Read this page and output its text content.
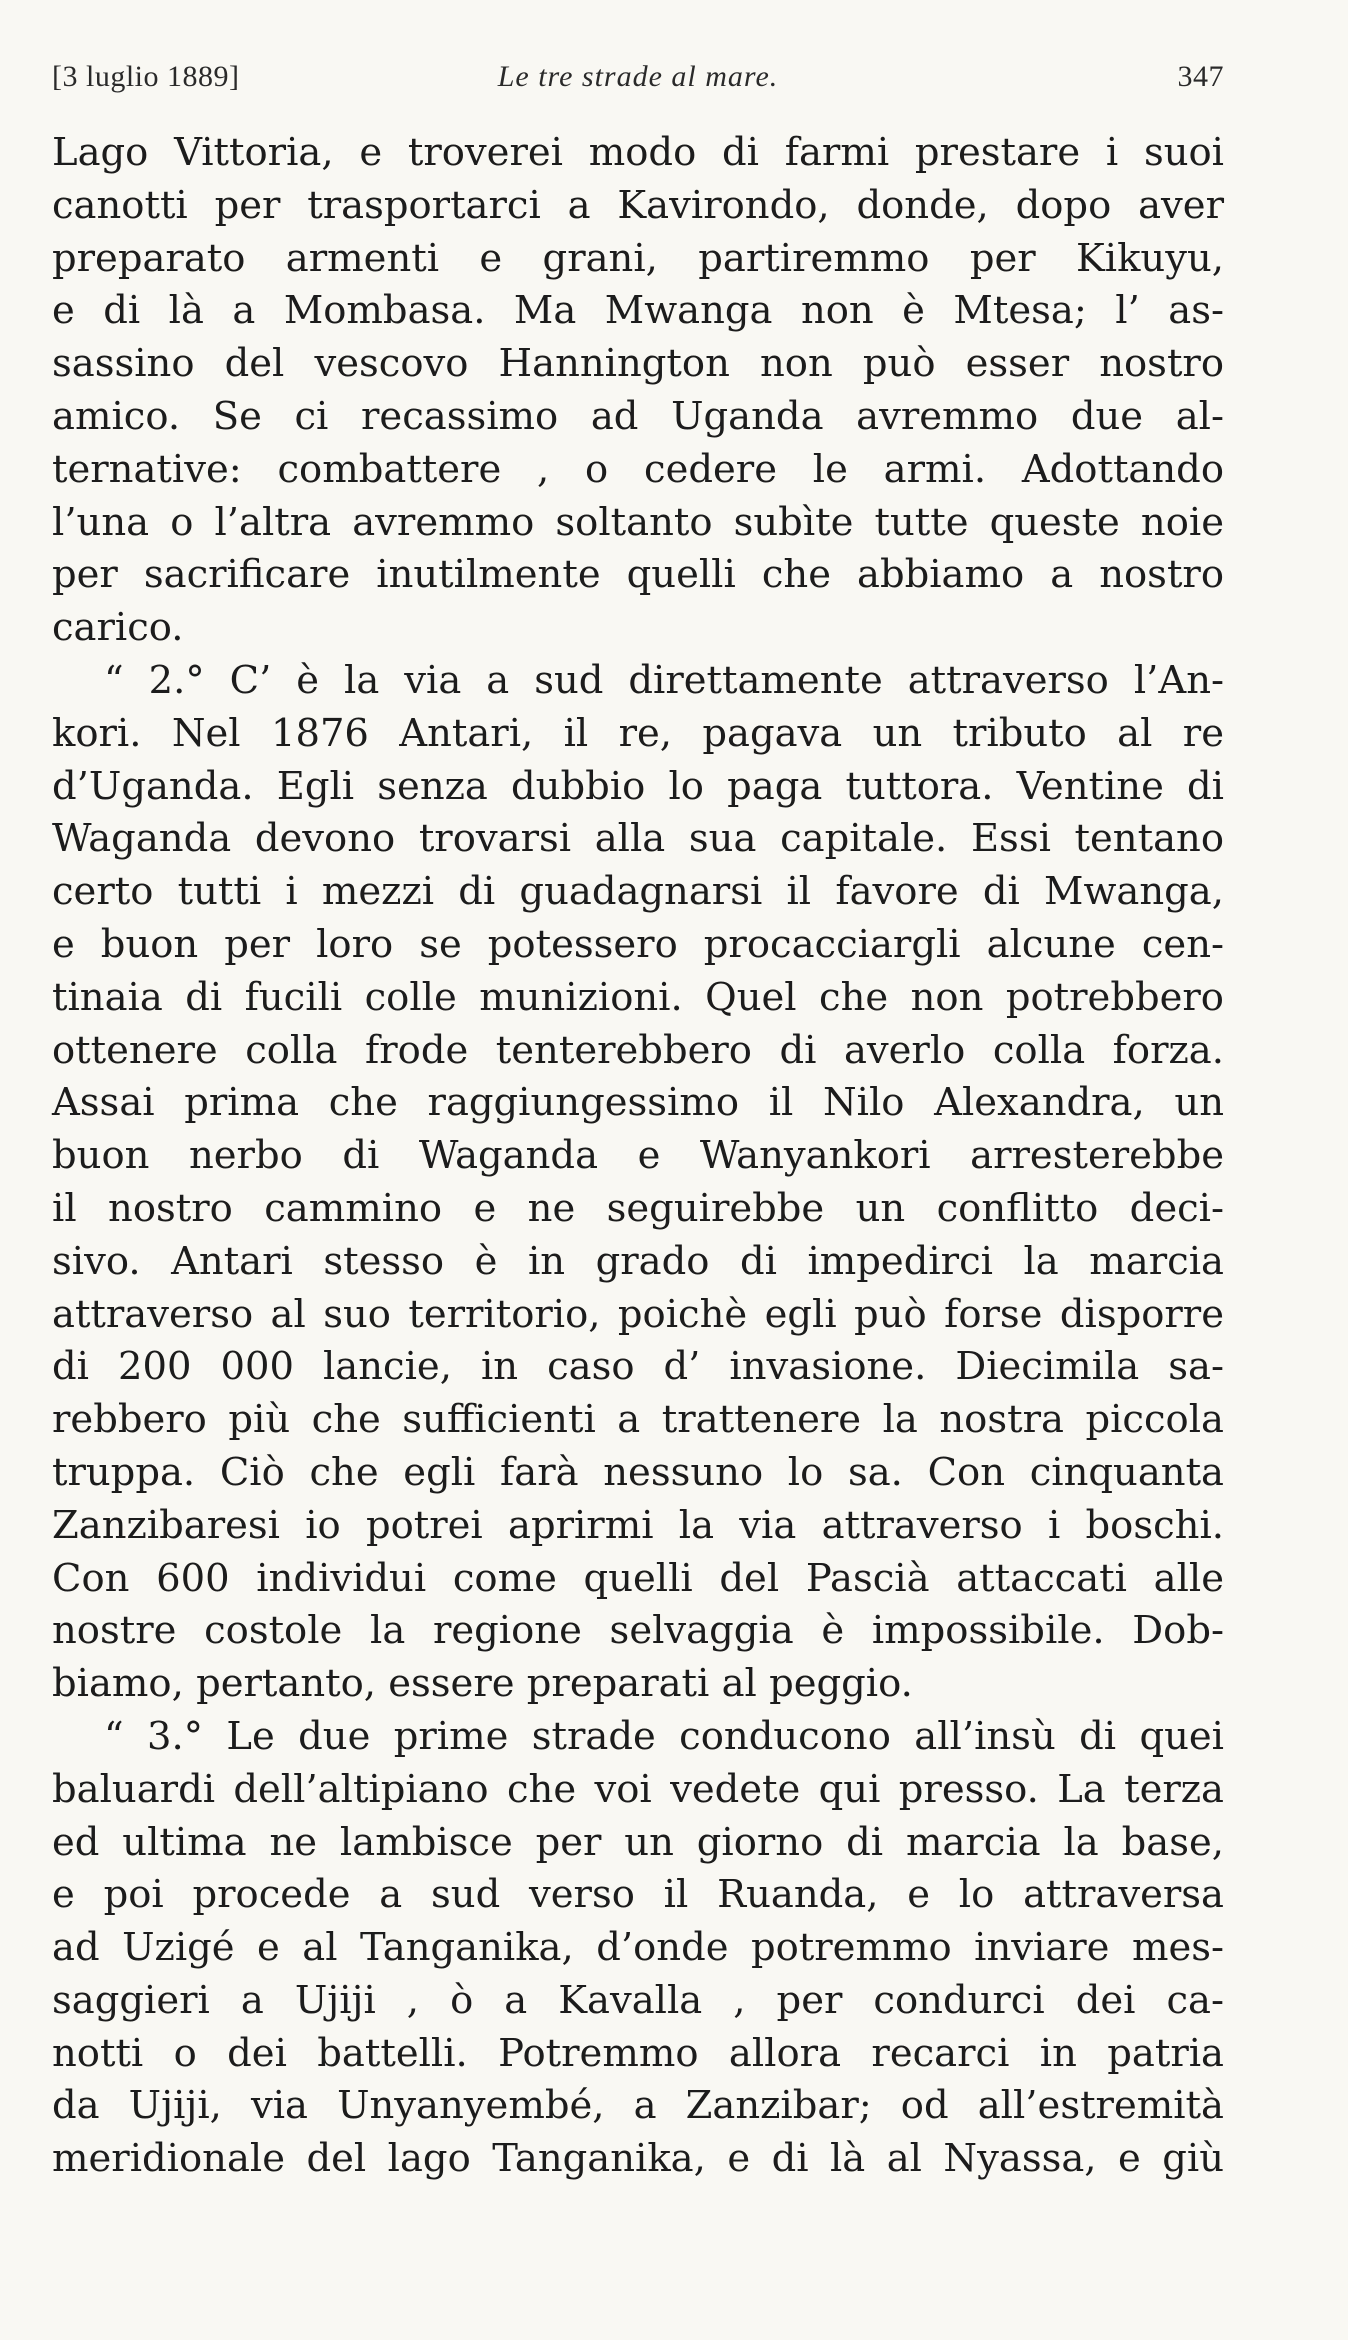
[3 luglio 1889]	Le tre strade al mare.	347
Lago Vittoria, e troverei modo di farmi prestare i suoi
canotti per trasportarci a Kavirondo, donde, dopo aver
preparato armenti e grani, partiremmo per Kikuyu,
e di là a Mombasa. Ma Mwanga non è Mtesa; l’ as-
sassino del vescovo Hannington non può esser nostro
amico. Se ci recassimo ad Uganda avremmo due al-
ternative: combattere , o cedere le armi. Adottando
l’una o l’altra avremmo soltanto subìte tutte queste noie
per sacrificare inutilmente quelli che abbiamo a nostro
carico.
“ 2.° C’ è la via a sud direttamente attraverso l’An-
kori. Nel 1876 Antari, il re, pagava un tributo al re
d’Uganda. Egli senza dubbio lo paga tuttora. Ventine di
Waganda devono trovarsi alla sua capitale. Essi tentano
certo tutti i mezzi di guadagnarsi il favore di Mwanga,
e buon per loro se potessero procacciargli alcune cen-
tinaia di fucili colle munizioni. Quel che non potrebbero
ottenere colla frode tenterebbero di averlo colla forza.
Assai prima che raggiungessimo il Nilo Alexandra, un
buon nerbo di Waganda e Wanyankori arresterebbe
il nostro cammino e ne seguirebbe un conflitto deci-
sivo. Antari stesso è in grado di impedirci la marcia
attraverso al suo territorio, poichè egli può forse disporre
di 200 000 lancie, in caso d’ invasione. Diecimila sa-
rebbero più che sufficienti a trattenere la nostra piccola
truppa. Ciò che egli farà nessuno lo sa. Con cinquanta
Zanzibaresi io potrei aprirmi la via attraverso i boschi.
Con 600 individui come quelli del Pascià attaccati alle
nostre costole la regione selvaggia è impossibile. Dob-
biamo, pertanto, essere preparati al peggio.
“ 3.° Le due prime strade conducono all’insù di quei
baluardi dell’altipiano che voi vedete qui presso. La terza
ed ultima ne lambisce per un giorno di marcia la base,
e poi procede a sud verso il Ruanda, e lo attraversa
ad Uzigé e al Tanganika, d’onde potremmo inviare mes-
saggieri a Ujiji , ò a Kavalla , per condurci dei ca-
notti o dei battelli. Potremmo allora recarci in patria
da Ujiji, via Unyanyembé, a Zanzibar; od all’estremità
meridionale del lago Tanganika, e di là al Nyassa, e giù
